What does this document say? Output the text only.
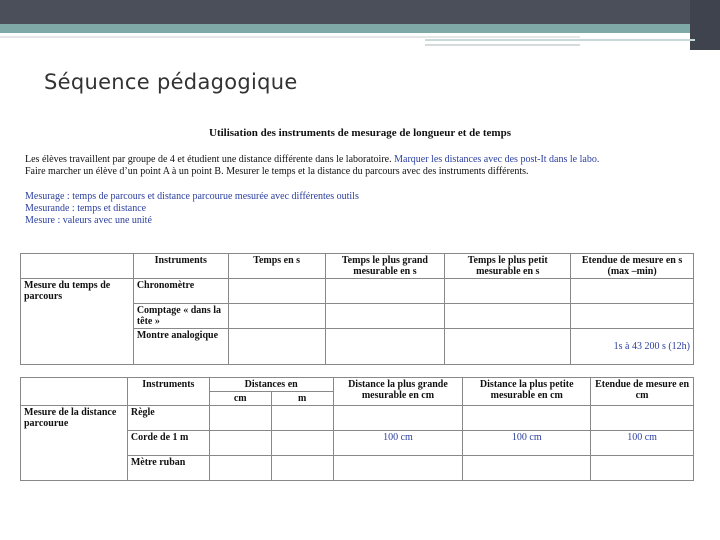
Séquence pédagogique
Utilisation des instruments de mesurage de longueur et de temps
Les élèves travaillent par groupe de 4 et étudient une distance différente dans le laboratoire. Marquer les distances avec des post-It dans le labo.
Faire marcher un élève d’un point A à un point B. Mesurer le temps et la distance du parcours avec des instruments différents.
Mesurage : temps de parcours et distance parcourue mesurée avec différentes outils
Mesurande : temps et distance
Mesure : valeurs avec une unité
	Instruments	Temps en s	Temps le plus grand mesurable en s	Temps le plus petit mesurable en s	Etendue de mesure en s (max –min)
Mesure du temps de parcours	Chronomètre				
	Comptage « dans la tête »				
	Montre analogique				1s à 43 200 s (12h)
	Instruments	Distances en		Distance la plus grande mesurable en cm	Distance la plus petite mesurable en cm	Etendue de mesure en cm
		cm	m			
Mesure de la distance parcourue	Règle					
	Corde de 1 m			100 cm	100 cm	100 cm
	Mètre ruban					
